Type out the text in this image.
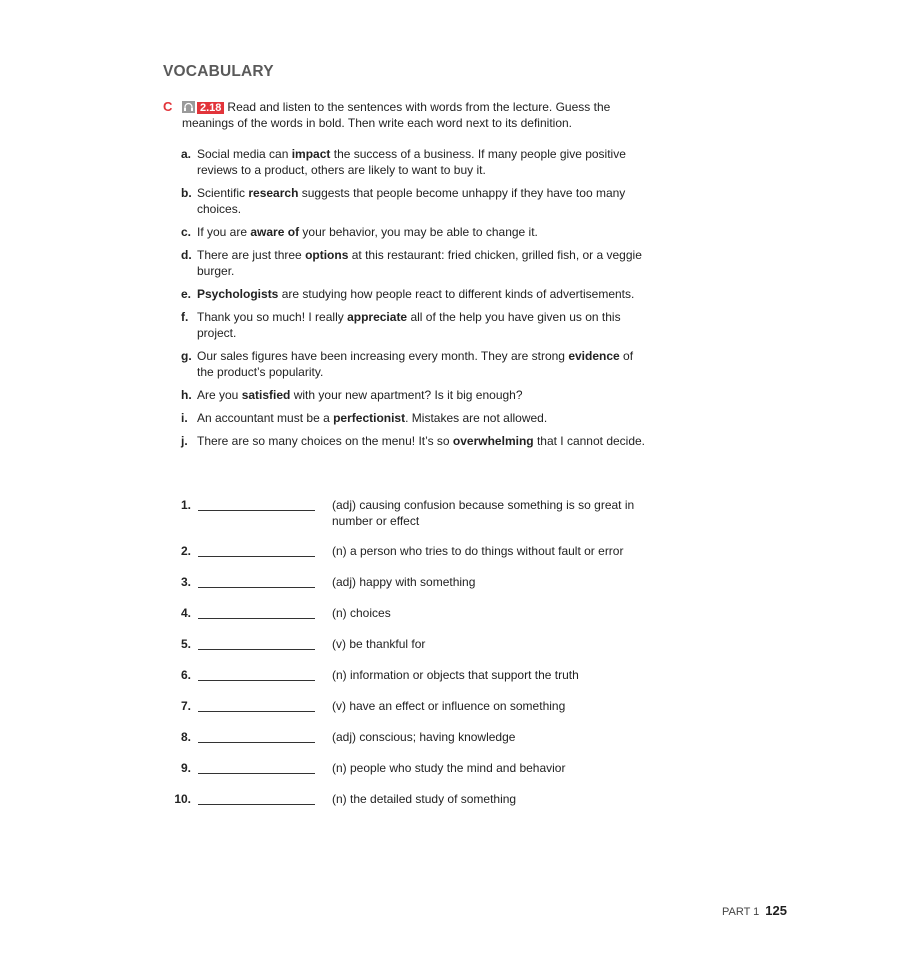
VOCABULARY
C	2.18 Read and listen to the sentences with words from the lecture. Guess the meanings of the words in bold. Then write each word next to its definition.
a. Social media can impact the success of a business. If many people give positive reviews to a product, others are likely to want to buy it.
b. Scientific research suggests that people become unhappy if they have too many choices.
c. If you are aware of your behavior, you may be able to change it.
d. There are just three options at this restaurant: fried chicken, grilled fish, or a veggie burger.
e. Psychologists are studying how people react to different kinds of advertisements.
f. Thank you so much! I really appreciate all of the help you have given us on this project.
g. Our sales figures have been increasing every month. They are strong evidence of the product’s popularity.
h. Are you satisfied with your new apartment? Is it big enough?
i. An accountant must be a perfectionist. Mistakes are not allowed.
j. There are so many choices on the menu! It’s so overwhelming that I cannot decide.
1.	(adj) causing confusion because something is so great in number or effect
2.	(n) a person who tries to do things without fault or error
3.	(adj) happy with something
4.	(n) choices
5.	(v) be thankful for
6.	(n) information or objects that support the truth
7.	(v) have an effect or influence on something
8.	(adj) conscious; having knowledge
9.	(n) people who study the mind and behavior
10.	(n) the detailed study of something
PART 1 125
